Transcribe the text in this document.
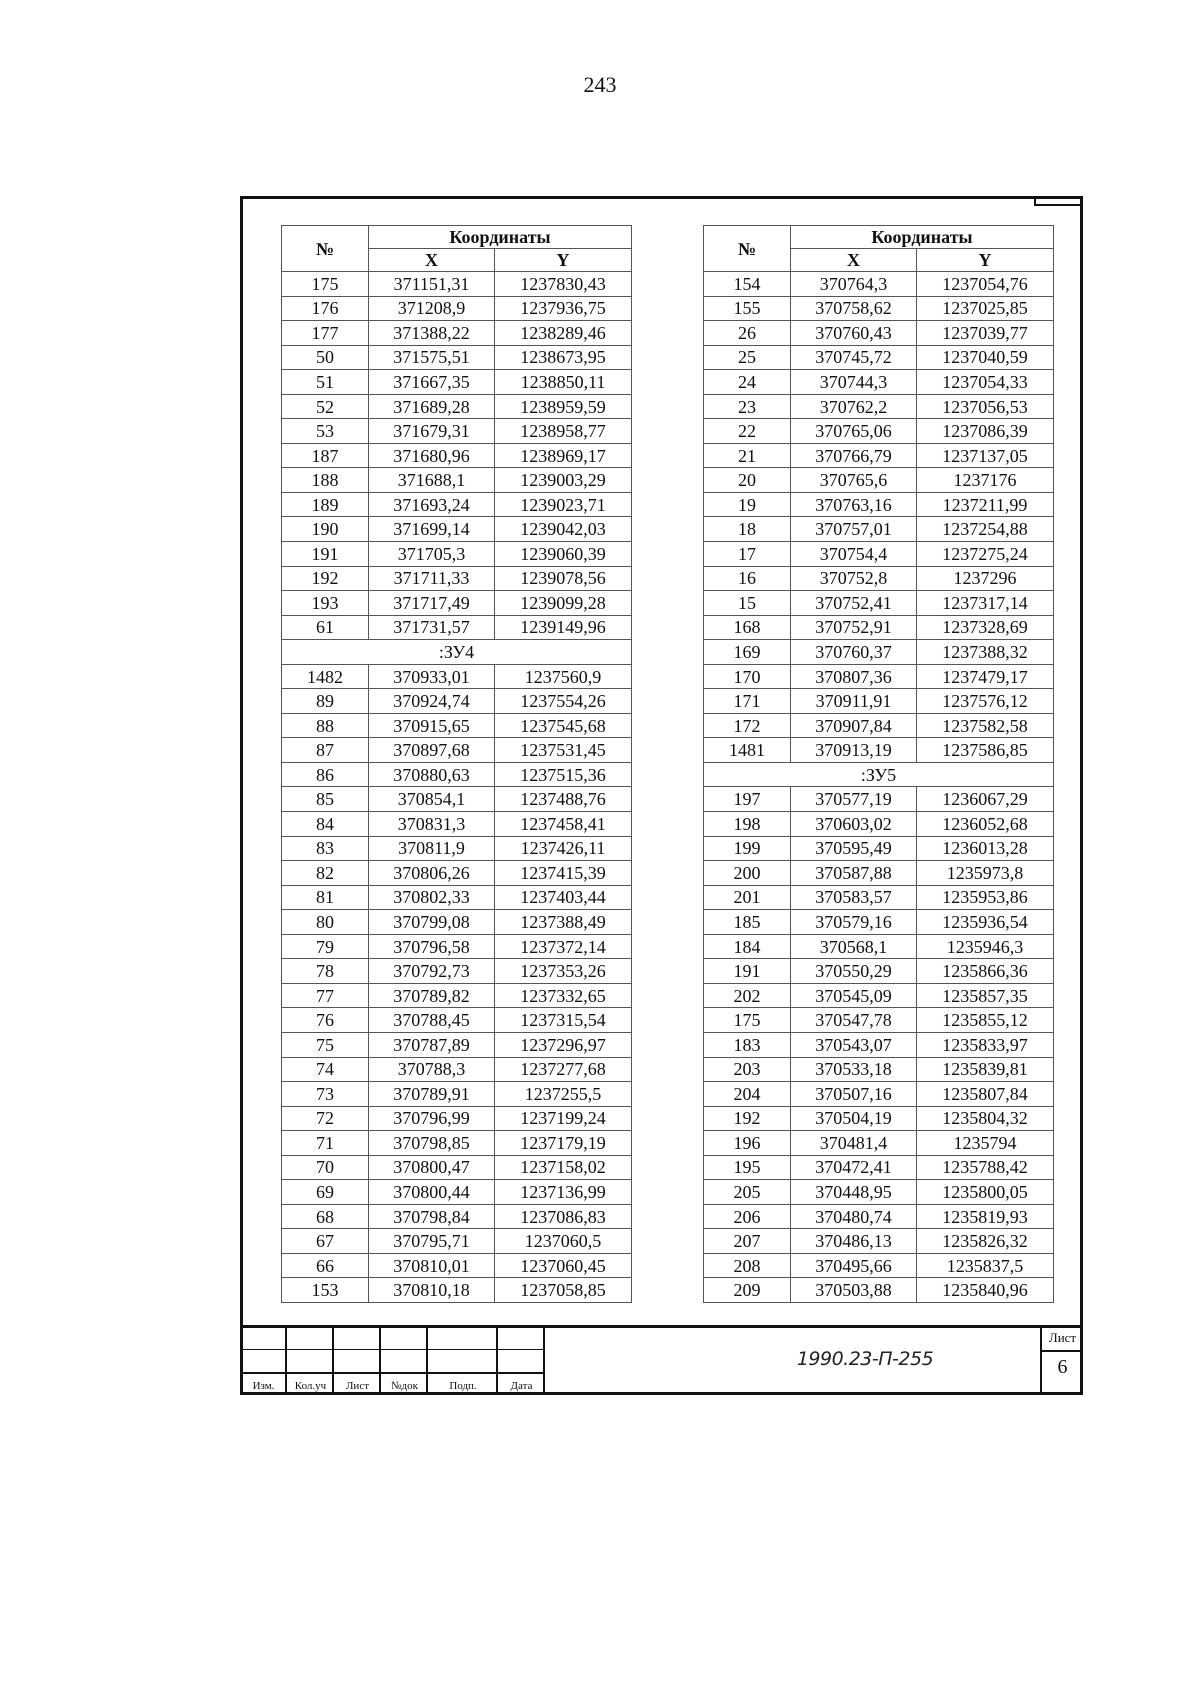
243
№	Координаты	
	X	Y
175	371151,31	1237830,43
176	371208,9	1237936,75
177	371388,22	1238289,46
50	371575,51	1238673,95
51	371667,35	1238850,11
52	371689,28	1238959,59
53	371679,31	1238958,77
187	371680,96	1238969,17
188	371688,1	1239003,29
189	371693,24	1239023,71
190	371699,14	1239042,03
191	371705,3	1239060,39
192	371711,33	1239078,56
193	371717,49	1239099,28
61	371731,57	1239149,96
:ЗУ4		
1482	370933,01	1237560,9
89	370924,74	1237554,26
88	370915,65	1237545,68
87	370897,68	1237531,45
86	370880,63	1237515,36
85	370854,1	1237488,76
84	370831,3	1237458,41
83	370811,9	1237426,11
82	370806,26	1237415,39
81	370802,33	1237403,44
80	370799,08	1237388,49
79	370796,58	1237372,14
78	370792,73	1237353,26
77	370789,82	1237332,65
76	370788,45	1237315,54
75	370787,89	1237296,97
74	370788,3	1237277,68
73	370789,91	1237255,5
72	370796,99	1237199,24
71	370798,85	1237179,19
70	370800,47	1237158,02
69	370800,44	1237136,99
68	370798,84	1237086,83
67	370795,71	1237060,5
66	370810,01	1237060,45
153	370810,18	1237058,85
№	Координаты	
	X	Y
154	370764,3	1237054,76
155	370758,62	1237025,85
26	370760,43	1237039,77
25	370745,72	1237040,59
24	370744,3	1237054,33
23	370762,2	1237056,53
22	370765,06	1237086,39
21	370766,79	1237137,05
20	370765,6	1237176
19	370763,16	1237211,99
18	370757,01	1237254,88
17	370754,4	1237275,24
16	370752,8	1237296
15	370752,41	1237317,14
168	370752,91	1237328,69
169	370760,37	1237388,32
170	370807,36	1237479,17
171	370911,91	1237576,12
172	370907,84	1237582,58
1481	370913,19	1237586,85
:ЗУ5		
197	370577,19	1236067,29
198	370603,02	1236052,68
199	370595,49	1236013,28
200	370587,88	1235973,8
201	370583,57	1235953,86
185	370579,16	1235936,54
184	370568,1	1235946,3
191	370550,29	1235866,36
202	370545,09	1235857,35
175	370547,78	1235855,12
183	370543,07	1235833,97
203	370533,18	1235839,81
204	370507,16	1235807,84
192	370504,19	1235804,32
196	370481,4	1235794
195	370472,41	1235788,42
205	370448,95	1235800,05
206	370480,74	1235819,93
207	370486,13	1235826,32
208	370495,66	1235837,5
209	370503,88	1235840,96
Изм.	Кол.уч	Лист	№док	Подп.	Дата
1990.23-П-255
Лист
6
